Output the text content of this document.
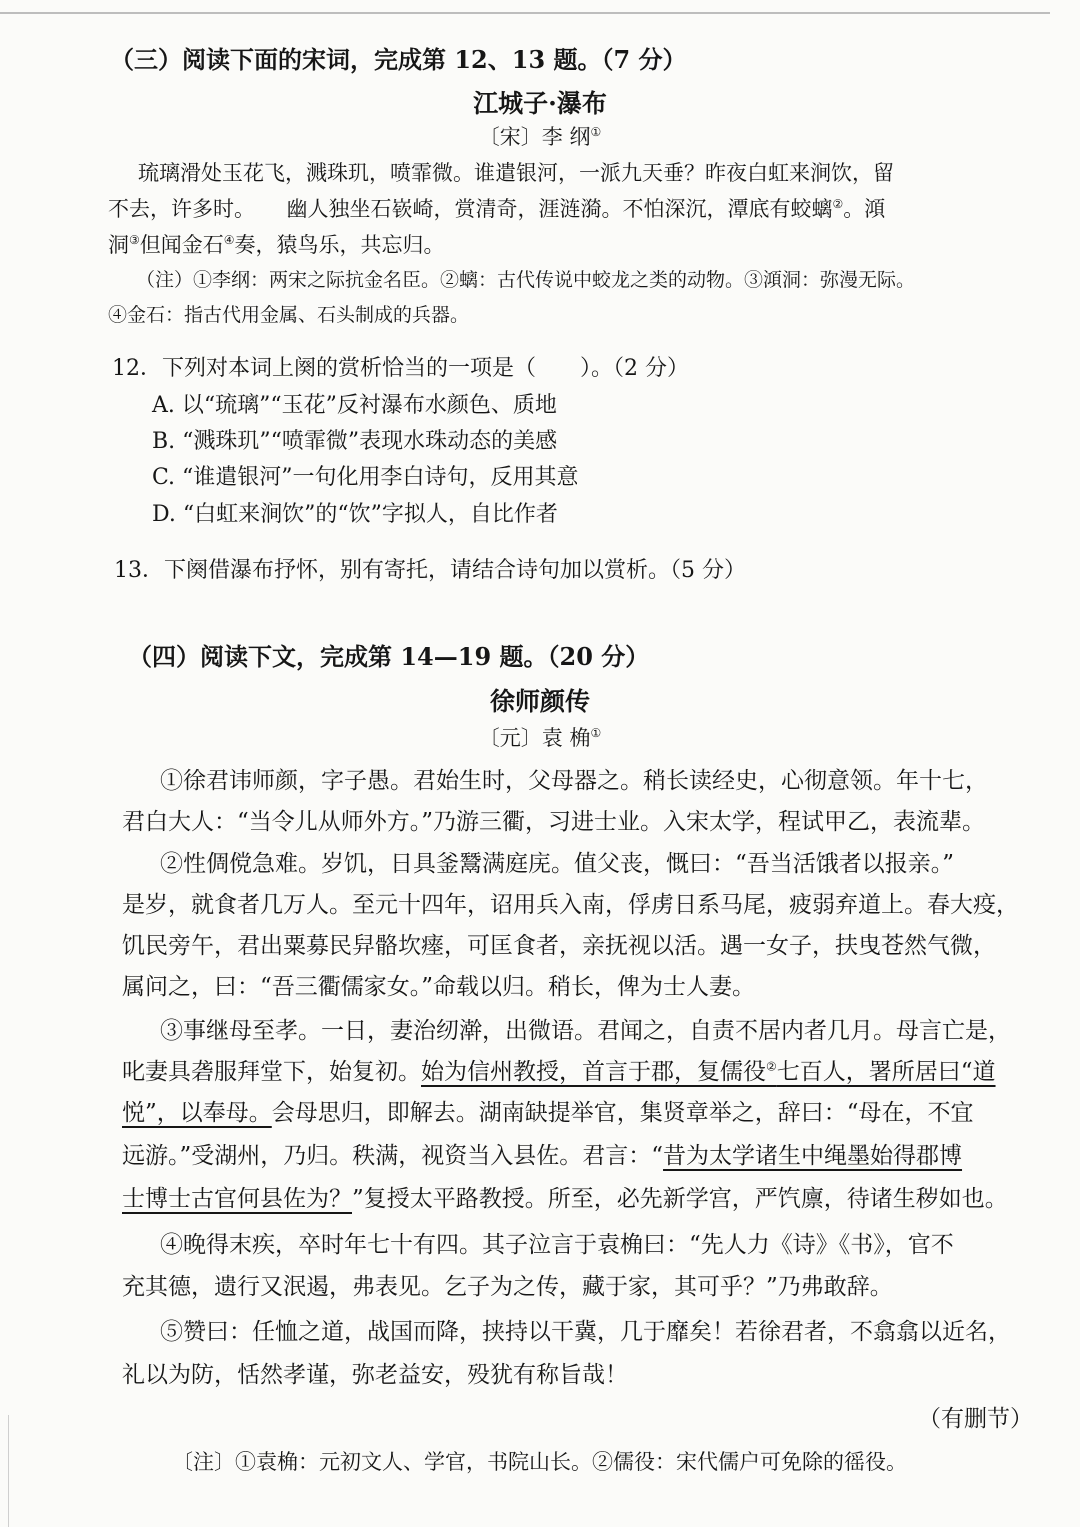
（三）阅读下面的宋词，完成第 12、13 题。（7 分）
江城子·瀑布
〔宋〕李 纲①
琉璃滑处玉花飞，溅珠玑，喷霏微。谁遣银河，一派九天垂？昨夜白虹来涧饮，留
不去，许多时。　　幽人独坐石嵚崎，赏清奇，涯涟漪。不怕深沉，潭底有蛟螭②。澒
洞③但闻金石④奏，猿鸟乐，共忘归。
（注）①李纲：两宋之际抗金名臣。②螭：古代传说中蛟龙之类的动物。③澒洞：弥漫无际。
④金石：指古代用金属、石头制成的兵器。
12．下列对本词上阕的赏析恰当的一项是（　　）。（2 分）
A. 以“琉璃”“玉花”反衬瀑布水颜色、质地
B. “溅珠玑”“喷霏微”表现水珠动态的美感
C. “谁遣银河”一句化用李白诗句，反用其意
D. “白虹来涧饮”的“饮”字拟人，自比作者
13．下阕借瀑布抒怀，别有寄托，请结合诗句加以赏析。（5 分）
（四）阅读下文，完成第 14—19 题。（20 分）
徐师颜传
〔元〕袁 桷①
①徐君讳师颜，字子愚。君始生时，父母器之。稍长读经史，心彻意领。年十七，
君白大人：“当令儿从师外方。”乃游三衢，习进士业。入宋太学，程试甲乙，表流辈。
②性倜傥急难。岁饥，日具釜鬵满庭庑。值父丧，慨曰：“吾当活饿者以报亲。”
是岁，就食者几万人。至元十四年，诏用兵入南，俘虏日系马尾，疲弱弃道上。春大疫，
饥民旁午，君出粟募民舁骼坎瘗，可匡食者，亲抚视以活。遇一女子，扶曳苍然气微，
属问之，曰：“吾三衢儒家女。”命载以归。稍长，俾为士人妻。
③事继母至孝。一日，妻治纫澣，出微语。君闻之，自责不居内者几月。母言亡是，
叱妻具砻服拜堂下，始复初。始为信州教授，首言于郡，复儒役②七百人，署所居曰“道
悦”，以奉母。会母思归，即解去。湖南缺提举官，集贤章举之，辞曰：“母在，不宜
远游。”受湖州，乃归。秩满，视资当入县佐。君言：“昔为太学诸生中绳墨始得郡博
士博士古官何县佐为？”复授太平路教授。所至，必先新学宫，严饩廪，待诸生秽如也。
④晚得末疾，卒时年七十有四。其子泣言于袁桷曰：“先人力《诗》《书》，官不
充其德，遗行又泯遏，弗表见。乞子为之传，藏于家，其可乎？”乃弗敢辞。
⑤赞曰：任恤之道，战国而降，挟持以干冀，几于靡矣！若徐君者，不翕翕以近名，
礼以为防，恬然孝谨，弥老益安，殁犹有称旨哉！
（有删节）
〔注〕①袁桷：元初文人、学官，书院山长。②儒役：宋代儒户可免除的徭役。
